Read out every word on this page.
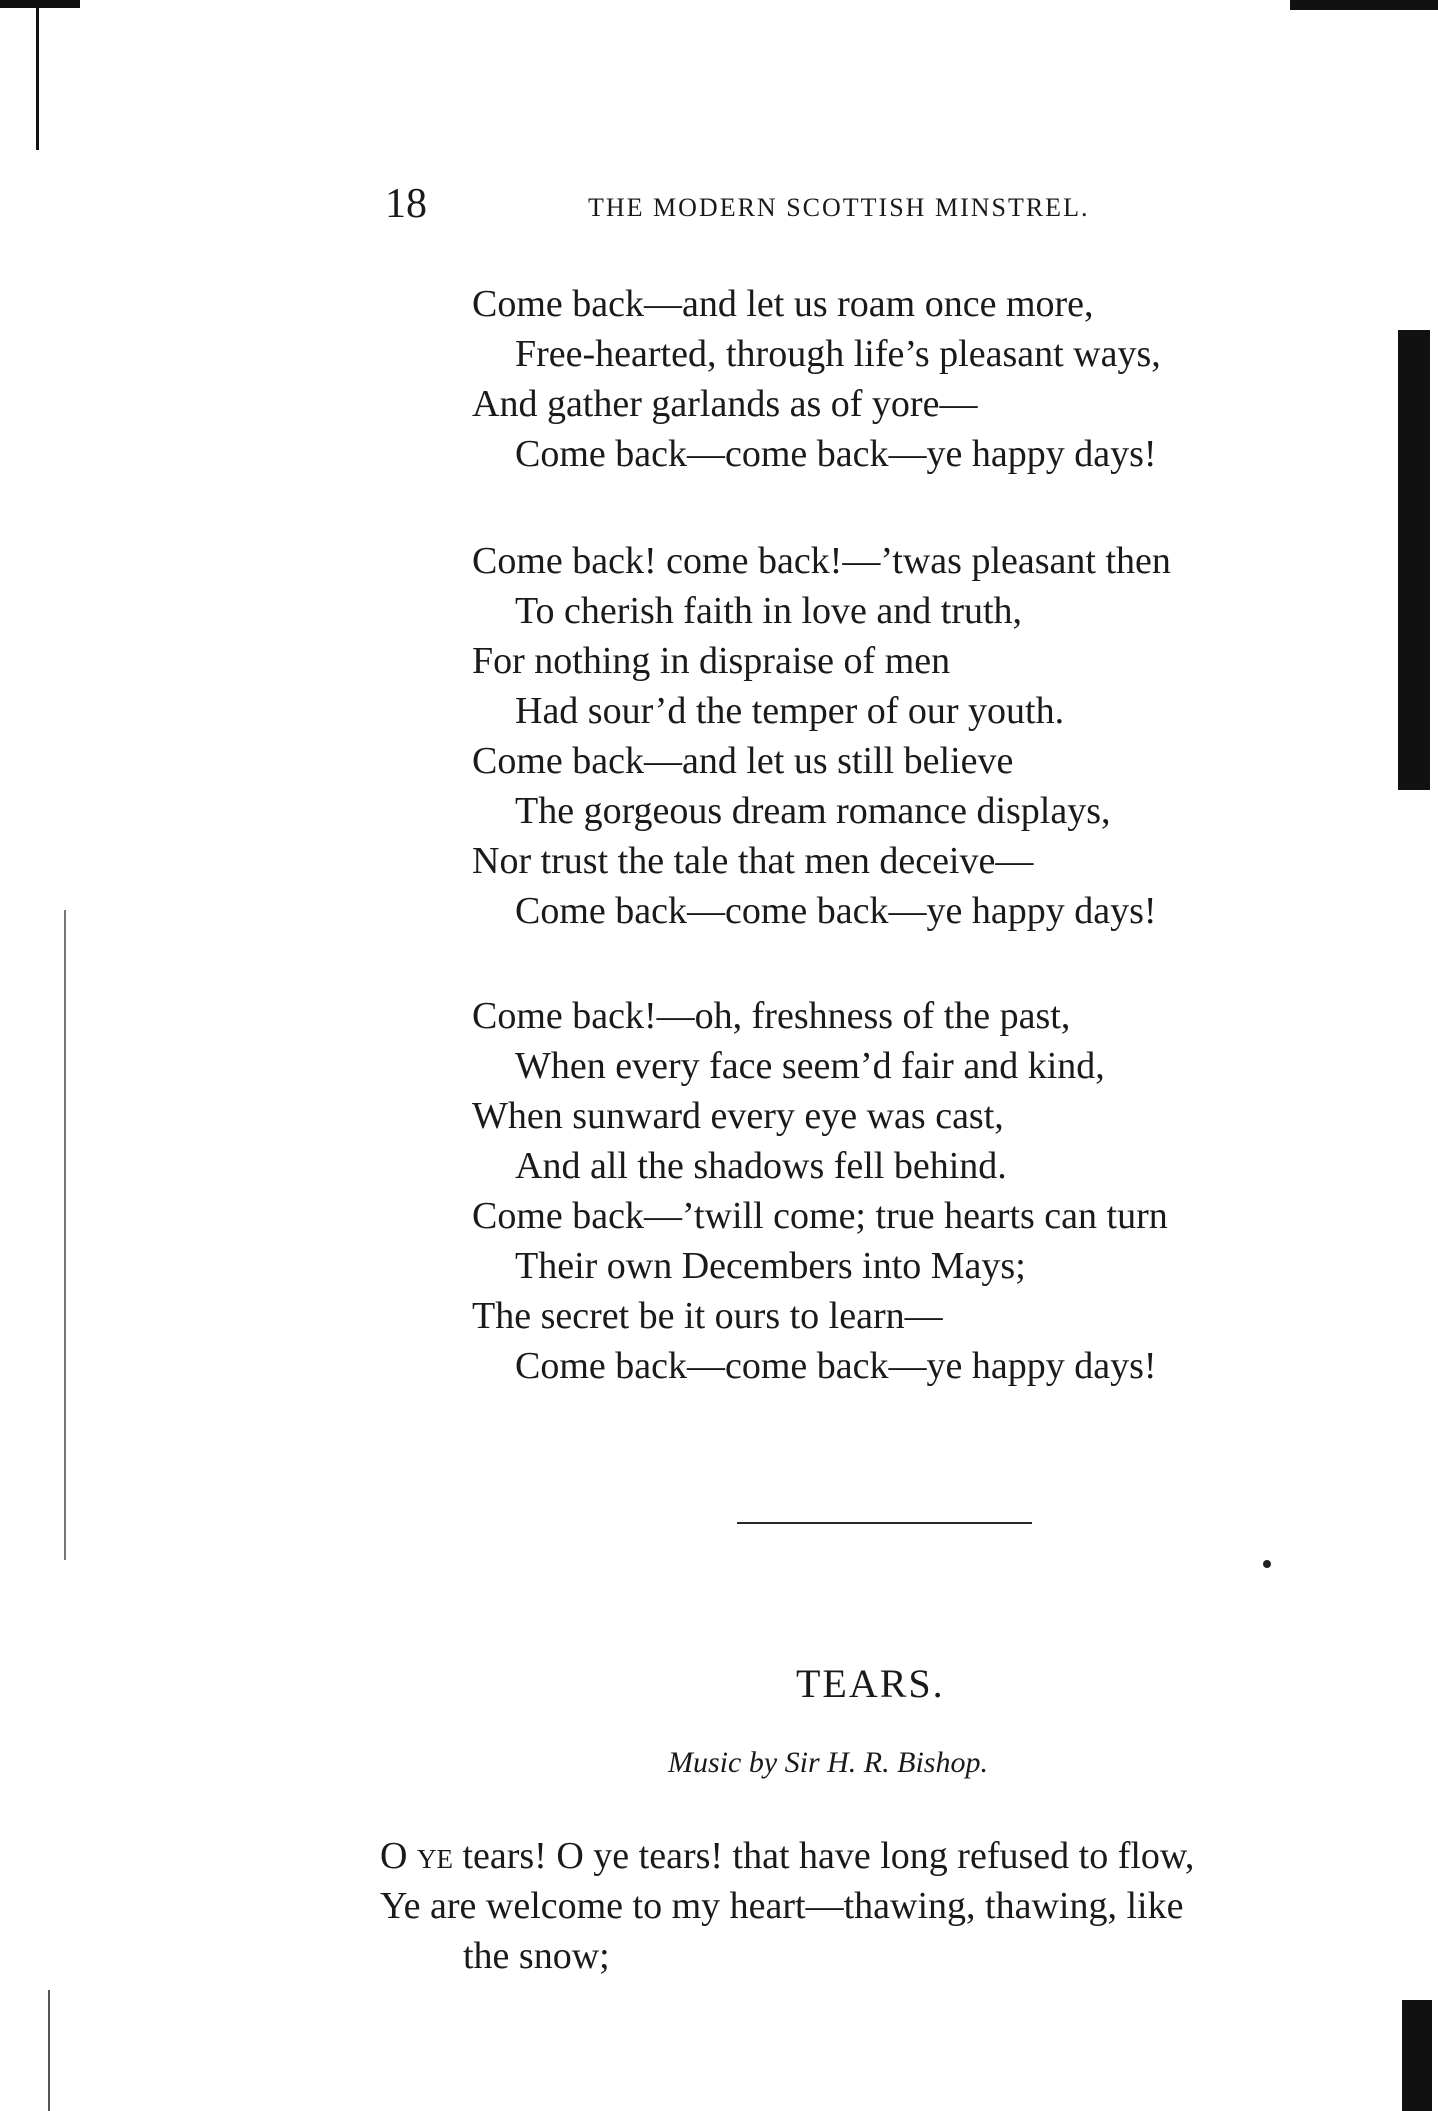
18	THE MODERN SCOTTISH MINSTREL.
Come back—and let us roam once more,
Free-hearted, through life’s pleasant ways,
And gather garlands as of yore—
Come back—come back—ye happy days!
Come back! come back!—’twas pleasant then
To cherish faith in love and truth,
For nothing in dispraise of men
Had sour’d the temper of our youth.
Come back—and let us still believe
The gorgeous dream romance displays,
Nor trust the tale that men deceive—
Come back—come back—ye happy days!
Come back!—oh, freshness of the past,
When every face seem’d fair and kind,
When sunward every eye was cast,
And all the shadows fell behind.
Come back—’twill come; true hearts can turn
Their own Decembers into Mays;
The secret be it ours to learn—
Come back—come back—ye happy days!
TEARS.
Music by Sir H. R. Bishop.
O ye tears! O ye tears! that have long refused to flow,
Ye are welcome to my heart—thawing, thawing, like
the snow;
